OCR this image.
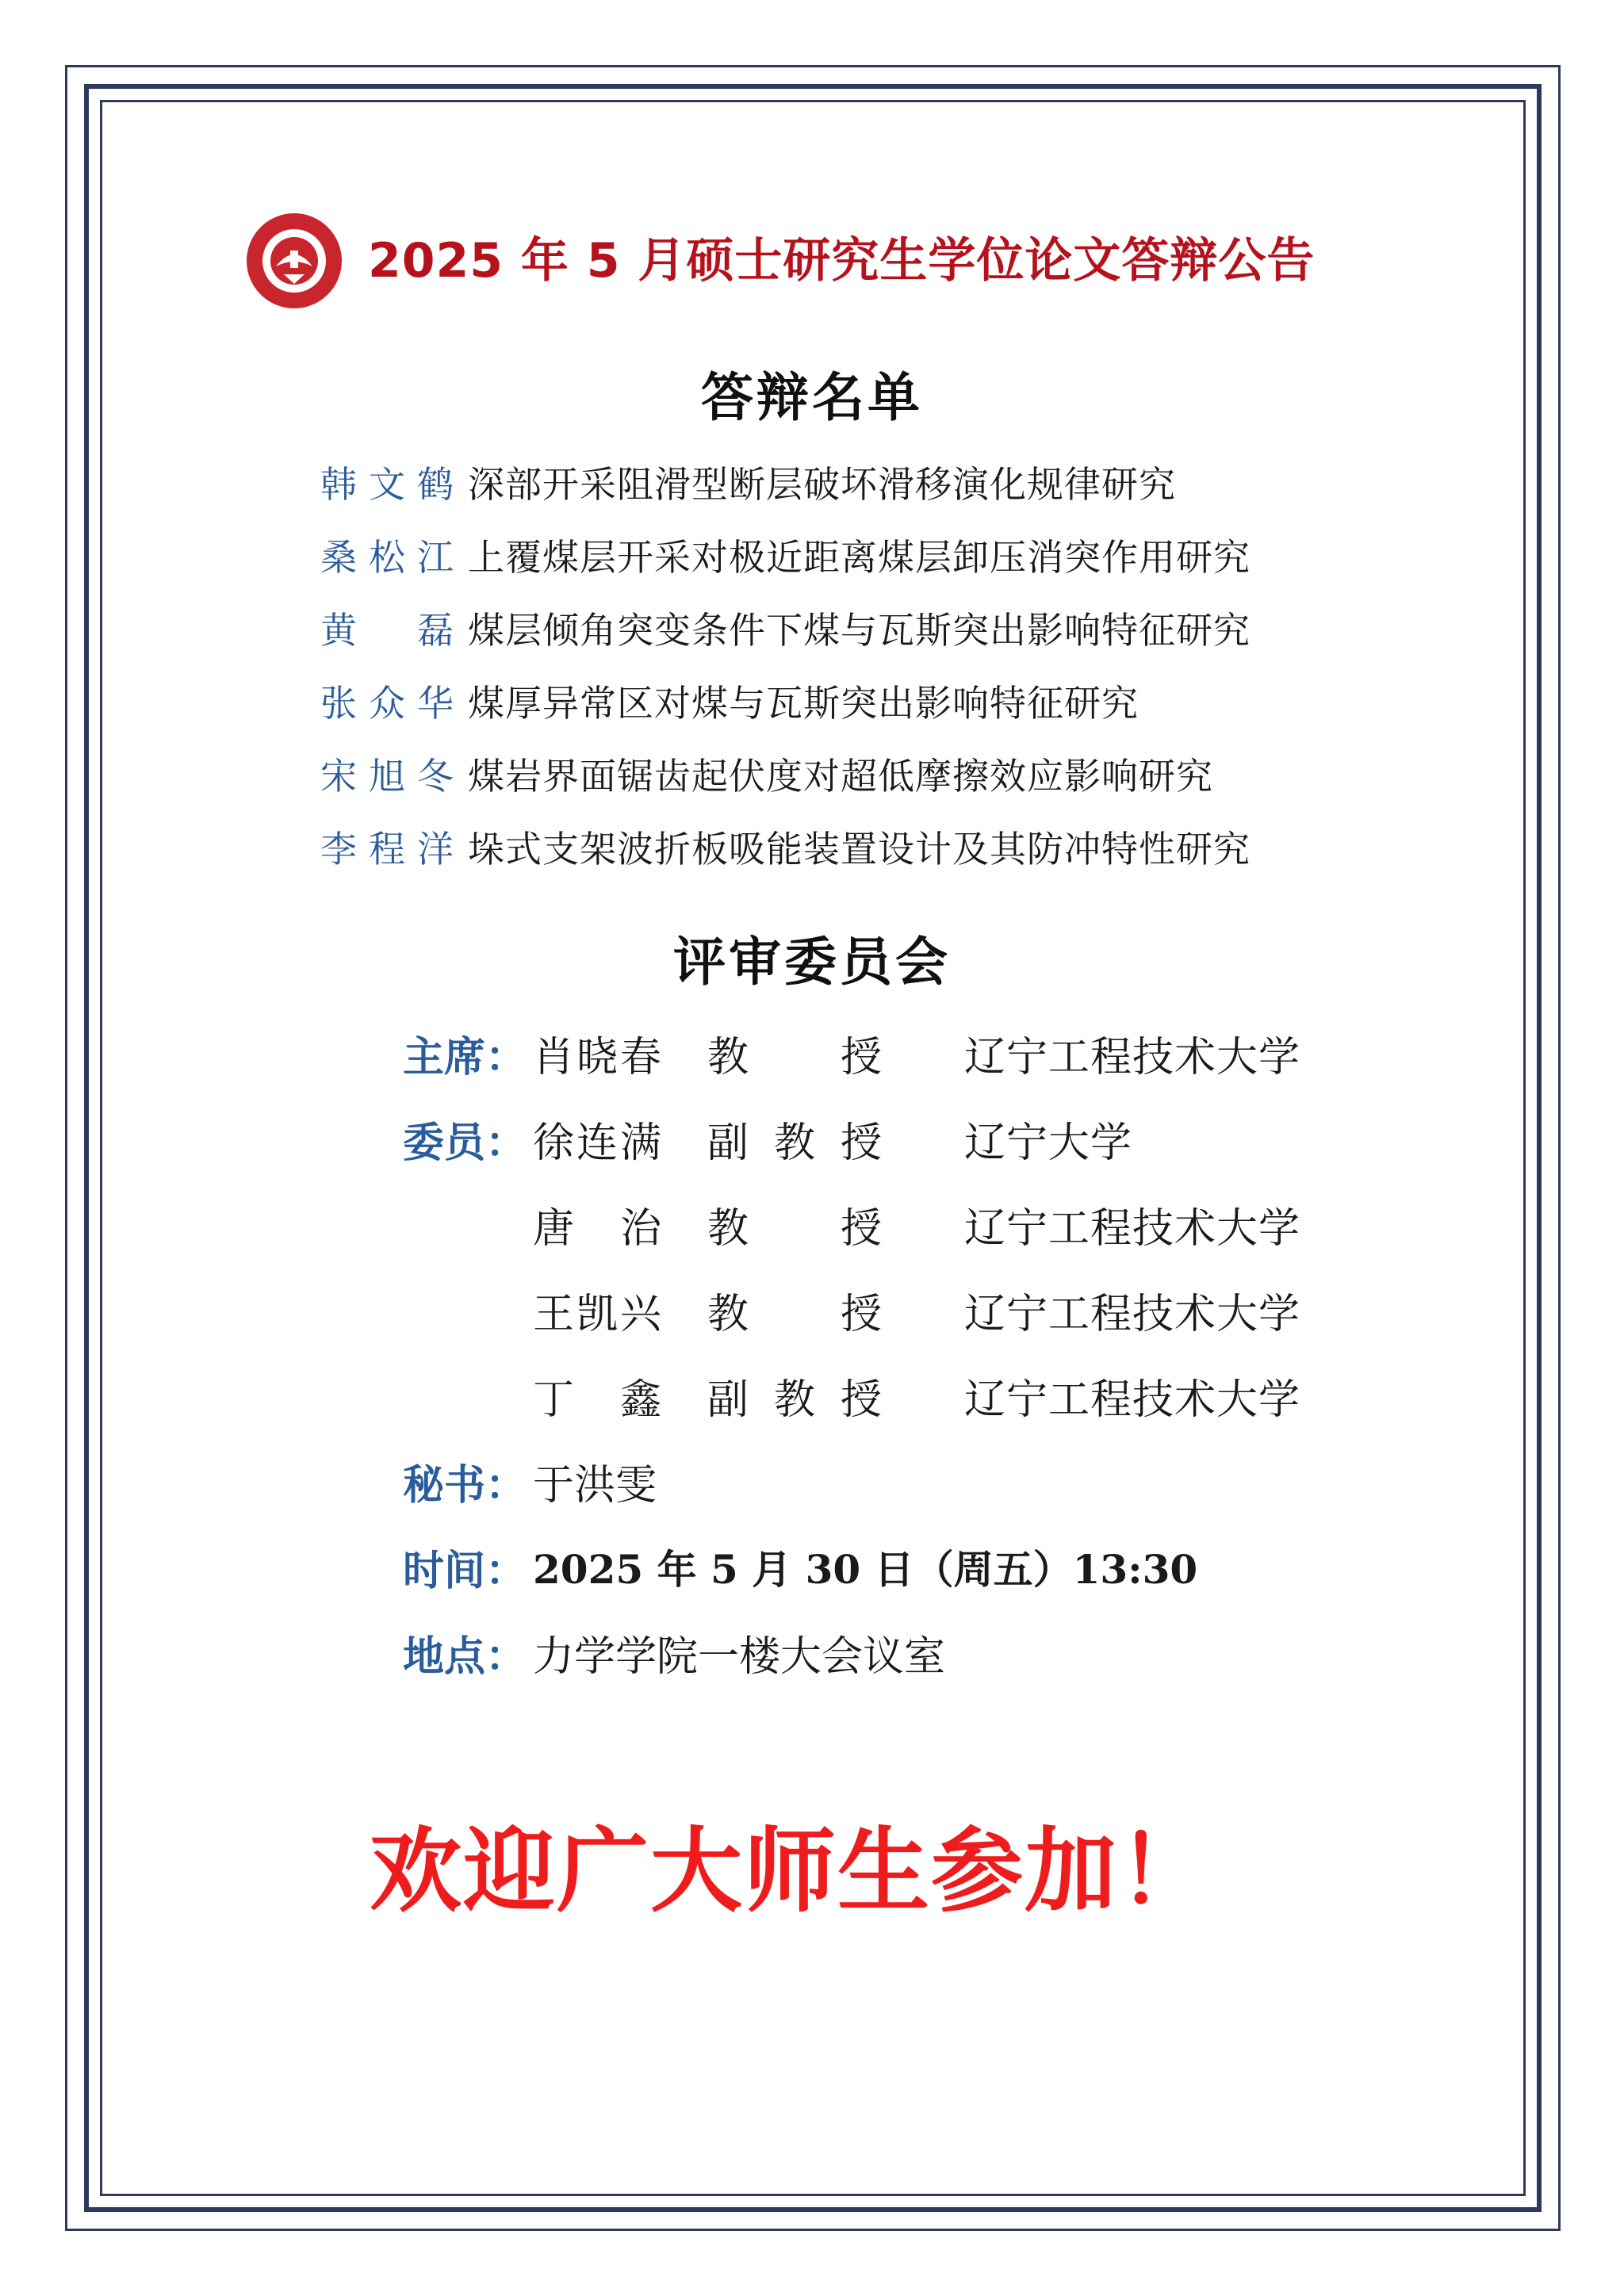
2025 年 5 月硕士研究生学位论文答辩公告
答辩名单
韩文鹤 深部开采阻滑型断层破坏滑移演化规律研究
桑松江 上覆煤层开采对极近距离煤层卸压消突作用研究
黄磊 煤层倾角突变条件下煤与瓦斯突出影响特征研究
张众华 煤厚异常区对煤与瓦斯突出影响特征研究
宋旭冬 煤岩界面锯齿起伏度对超低摩擦效应影响研究
李程洋 垛式支架波折板吸能装置设计及其防冲特性研究
评审委员会
主席： 肖晓春 教授 辽宁工程技术大学
委员： 徐连满 副教授 辽宁大学
唐治 教授 辽宁工程技术大学
王凯兴 教授 辽宁工程技术大学
丁鑫 副教授 辽宁工程技术大学
秘书： 于洪雯
时间： 2025 年 5 月 30 日（周五）13:30
地点： 力学学院一楼大会议室
欢迎广大师生参加！
